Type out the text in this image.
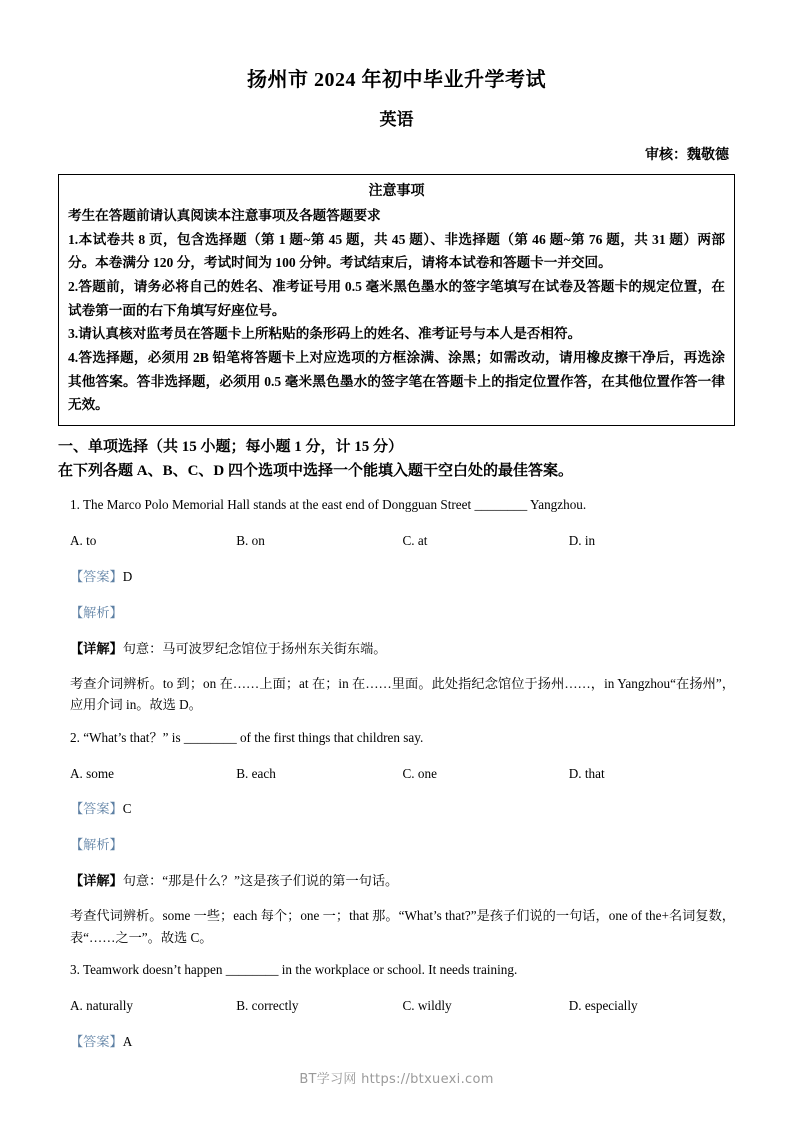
扬州市 2024 年初中毕业升学考试
英语
审核：魏敬德
注意事项
考生在答题前请认真阅读本注意事项及各题答题要求
1.本试卷共 8 页，包含选择题（第 1 题~第 45 题，共 45 题）、非选择题（第 46 题~第 76 题，共 31 题）两部分。本卷满分 120 分，考试时间为 100 分钟。考试结束后，请将本试卷和答题卡一并交回。
2.答题前，请务必将自己的姓名、准考证号用 0.5 毫米黑色墨水的签字笔填写在试卷及答题卡的规定位置，在试卷第一面的右下角填写好座位号。
3.请认真核对监考员在答题卡上所粘贴的条形码上的姓名、准考证号与本人是否相符。
4.答选择题，必须用 2B 铅笔将答题卡上对应选项的方框涂满、涂黑；如需改动，请用橡皮擦干净后，再选涂其他答案。答非选择题，必须用 0.5 毫米黑色墨水的签字笔在答题卡上的指定位置作答，在其他位置作答一律无效。
一、单项选择（共 15 小题；每小题 1 分，计 15 分）
在下列各题 A、B、C、D 四个选项中选择一个能填入题干空白处的最佳答案。
1. The Marco Polo Memorial Hall stands at the east end of Dongguan Street ________ Yangzhou.
A. to	B. on	C. at	D. in
【答案】D
【解析】
【详解】句意：马可波罗纪念馆位于扬州东关街东端。
考查介词辨析。to 到；on 在……上面；at 在；in 在……里面。此处指纪念馆位于扬州……，in Yangzhou“在扬州”，应用介词 in。故选 D。
2. “What’s that？” is ________ of the first things that children say.
A. some	B. each	C. one	D. that
【答案】C
【解析】
【详解】句意：“那是什么？”这是孩子们说的第一句话。
考查代词辨析。some 一些；each 每个；one 一；that 那。“What’s that?”是孩子们说的一句话，one of the+名词复数，表“……之一”。故选 C。
3. Teamwork doesn’t happen ________ in the workplace or school. It needs training.
A. naturally	B. correctly	C. wildly	D. especially
【答案】A
BT学习网 https://btxuexi.com
